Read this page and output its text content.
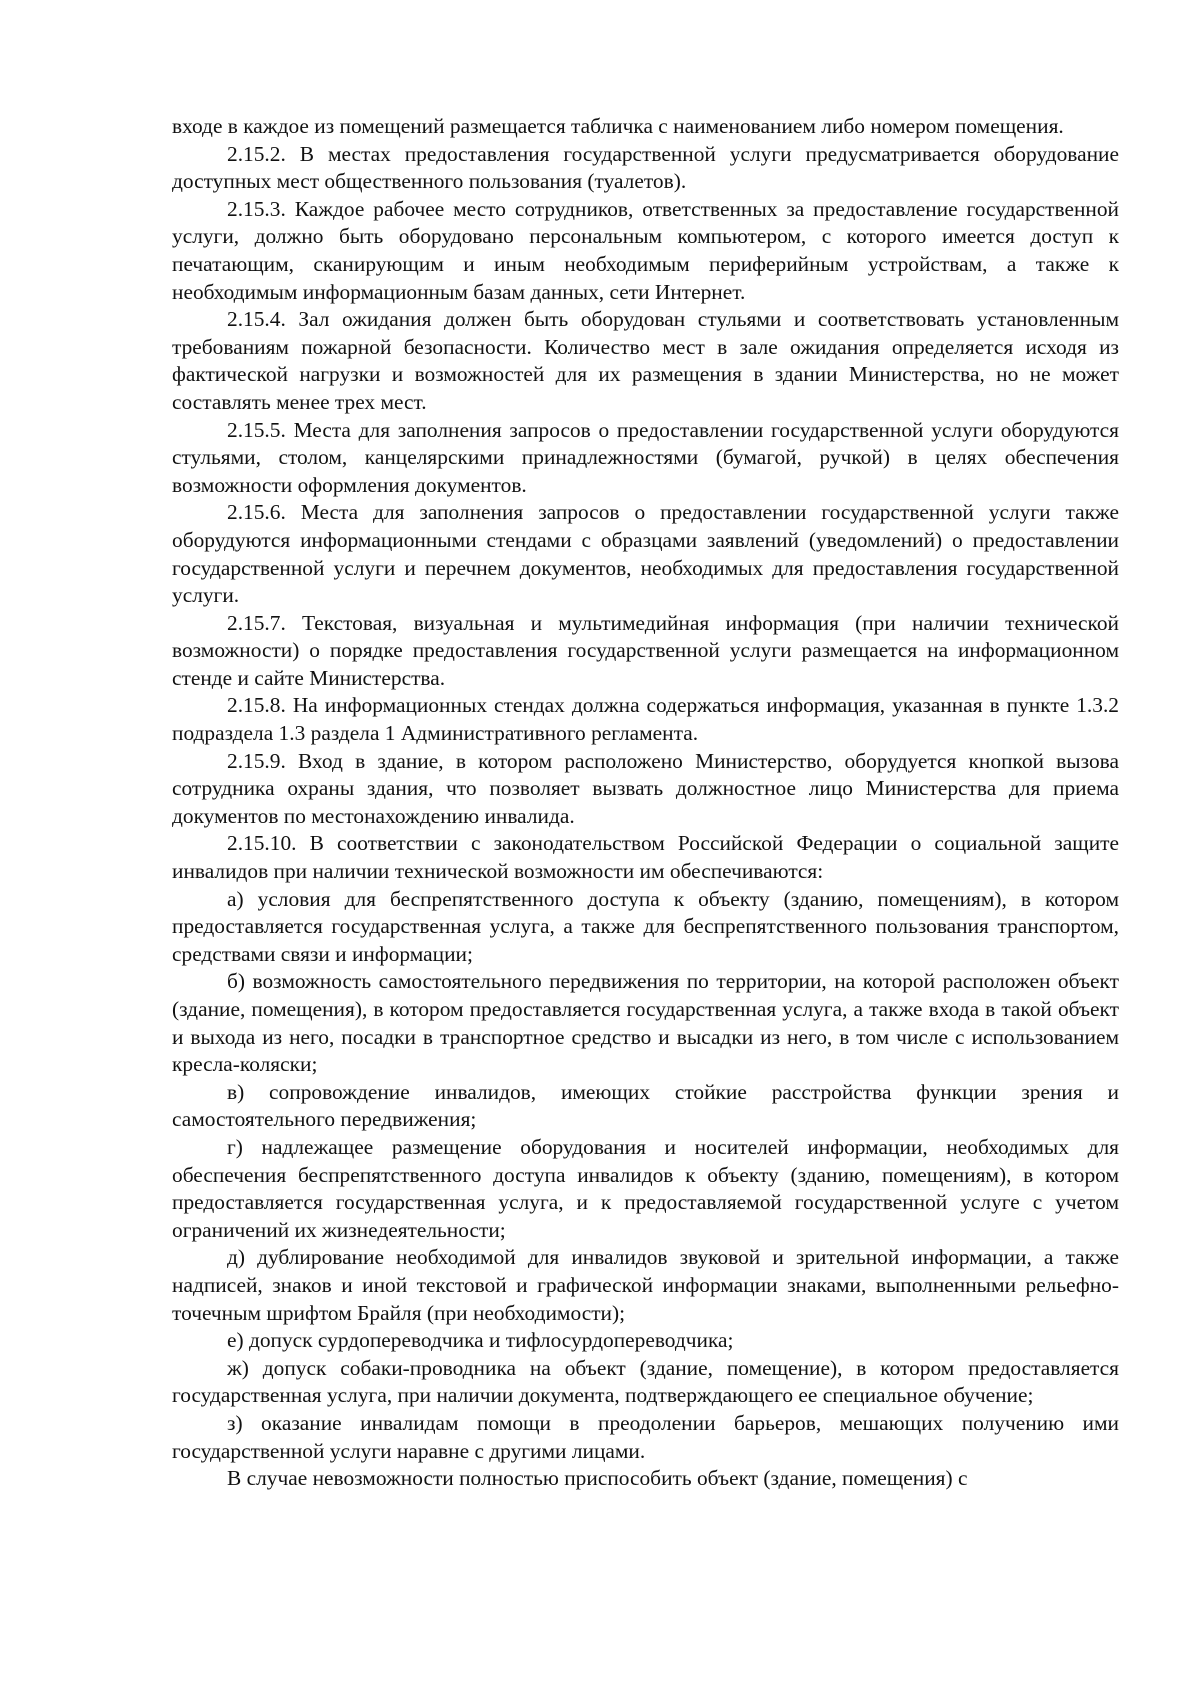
входе в каждое из помещений размещается табличка с наименованием либо номером помещения.

2.15.2. В местах предоставления государственной услуги предусматривается оборудование доступных мест общественного пользования (туалетов).

2.15.3. Каждое рабочее место сотрудников, ответственных за предоставление государственной услуги, должно быть оборудовано персональным компьютером, с которого имеется доступ к печатающим, сканирующим и иным необходимым периферийным устройствам, а также к необходимым информационным базам данных, сети Интернет.

2.15.4. Зал ожидания должен быть оборудован стульями и соответствовать установленным требованиям пожарной безопасности. Количество мест в зале ожидания определяется исходя из фактической нагрузки и возможностей для их размещения в здании Министерства, но не может составлять менее трех мест.

2.15.5. Места для заполнения запросов о предоставлении государственной услуги оборудуются стульями, столом, канцелярскими принадлежностями (бумагой, ручкой) в целях обеспечения возможности оформления документов.

2.15.6. Места для заполнения запросов о предоставлении государственной услуги также оборудуются информационными стендами с образцами заявлений (уведомлений) о предоставлении государственной услуги и перечнем документов, необходимых для предоставления государственной услуги.

2.15.7. Текстовая, визуальная и мультимедийная информация (при наличии технической возможности) о порядке предоставления государственной услуги размещается на информационном стенде и сайте Министерства.

2.15.8. На информационных стендах должна содержаться информация, указанная в пункте 1.3.2 подраздела 1.3 раздела 1 Административного регламента.

2.15.9. Вход в здание, в котором расположено Министерство, оборудуется кнопкой вызова сотрудника охраны здания, что позволяет вызвать должностное лицо Министерства для приема документов по местонахождению инвалида.

2.15.10. В соответствии с законодательством Российской Федерации о социальной защите инвалидов при наличии технической возможности им обеспечиваются:

а) условия для беспрепятственного доступа к объекту (зданию, помещениям), в котором предоставляется государственная услуга, а также для беспрепятственного пользования транспортом, средствами связи и информации;

б) возможность самостоятельного передвижения по территории, на которой расположен объект (здание, помещения), в котором предоставляется государственная услуга, а также входа в такой объект и выхода из него, посадки в транспортное средство и высадки из него, в том числе с использованием кресла-коляски;

в) сопровождение инвалидов, имеющих стойкие расстройства функции зрения и самостоятельного передвижения;

г) надлежащее размещение оборудования и носителей информации, необходимых для обеспечения беспрепятственного доступа инвалидов к объекту (зданию, помещениям), в котором предоставляется государственная услуга, и к предоставляемой государственной услуге с учетом ограничений их жизнедеятельности;

д) дублирование необходимой для инвалидов звуковой и зрительной информации, а также надписей, знаков и иной текстовой и графической информации знаками, выполненными рельефно-точечным шрифтом Брайля (при необходимости);

е) допуск сурдопереводчика и тифлосурдопереводчика;

ж) допуск собаки-проводника на объект (здание, помещение), в котором предоставляется государственная услуга, при наличии документа, подтверждающего ее специальное обучение;

з) оказание инвалидам помощи в преодолении барьеров, мешающих получению ими государственной услуги наравне с другими лицами.

В случае невозможности полностью приспособить объект (здание, помещения) с
